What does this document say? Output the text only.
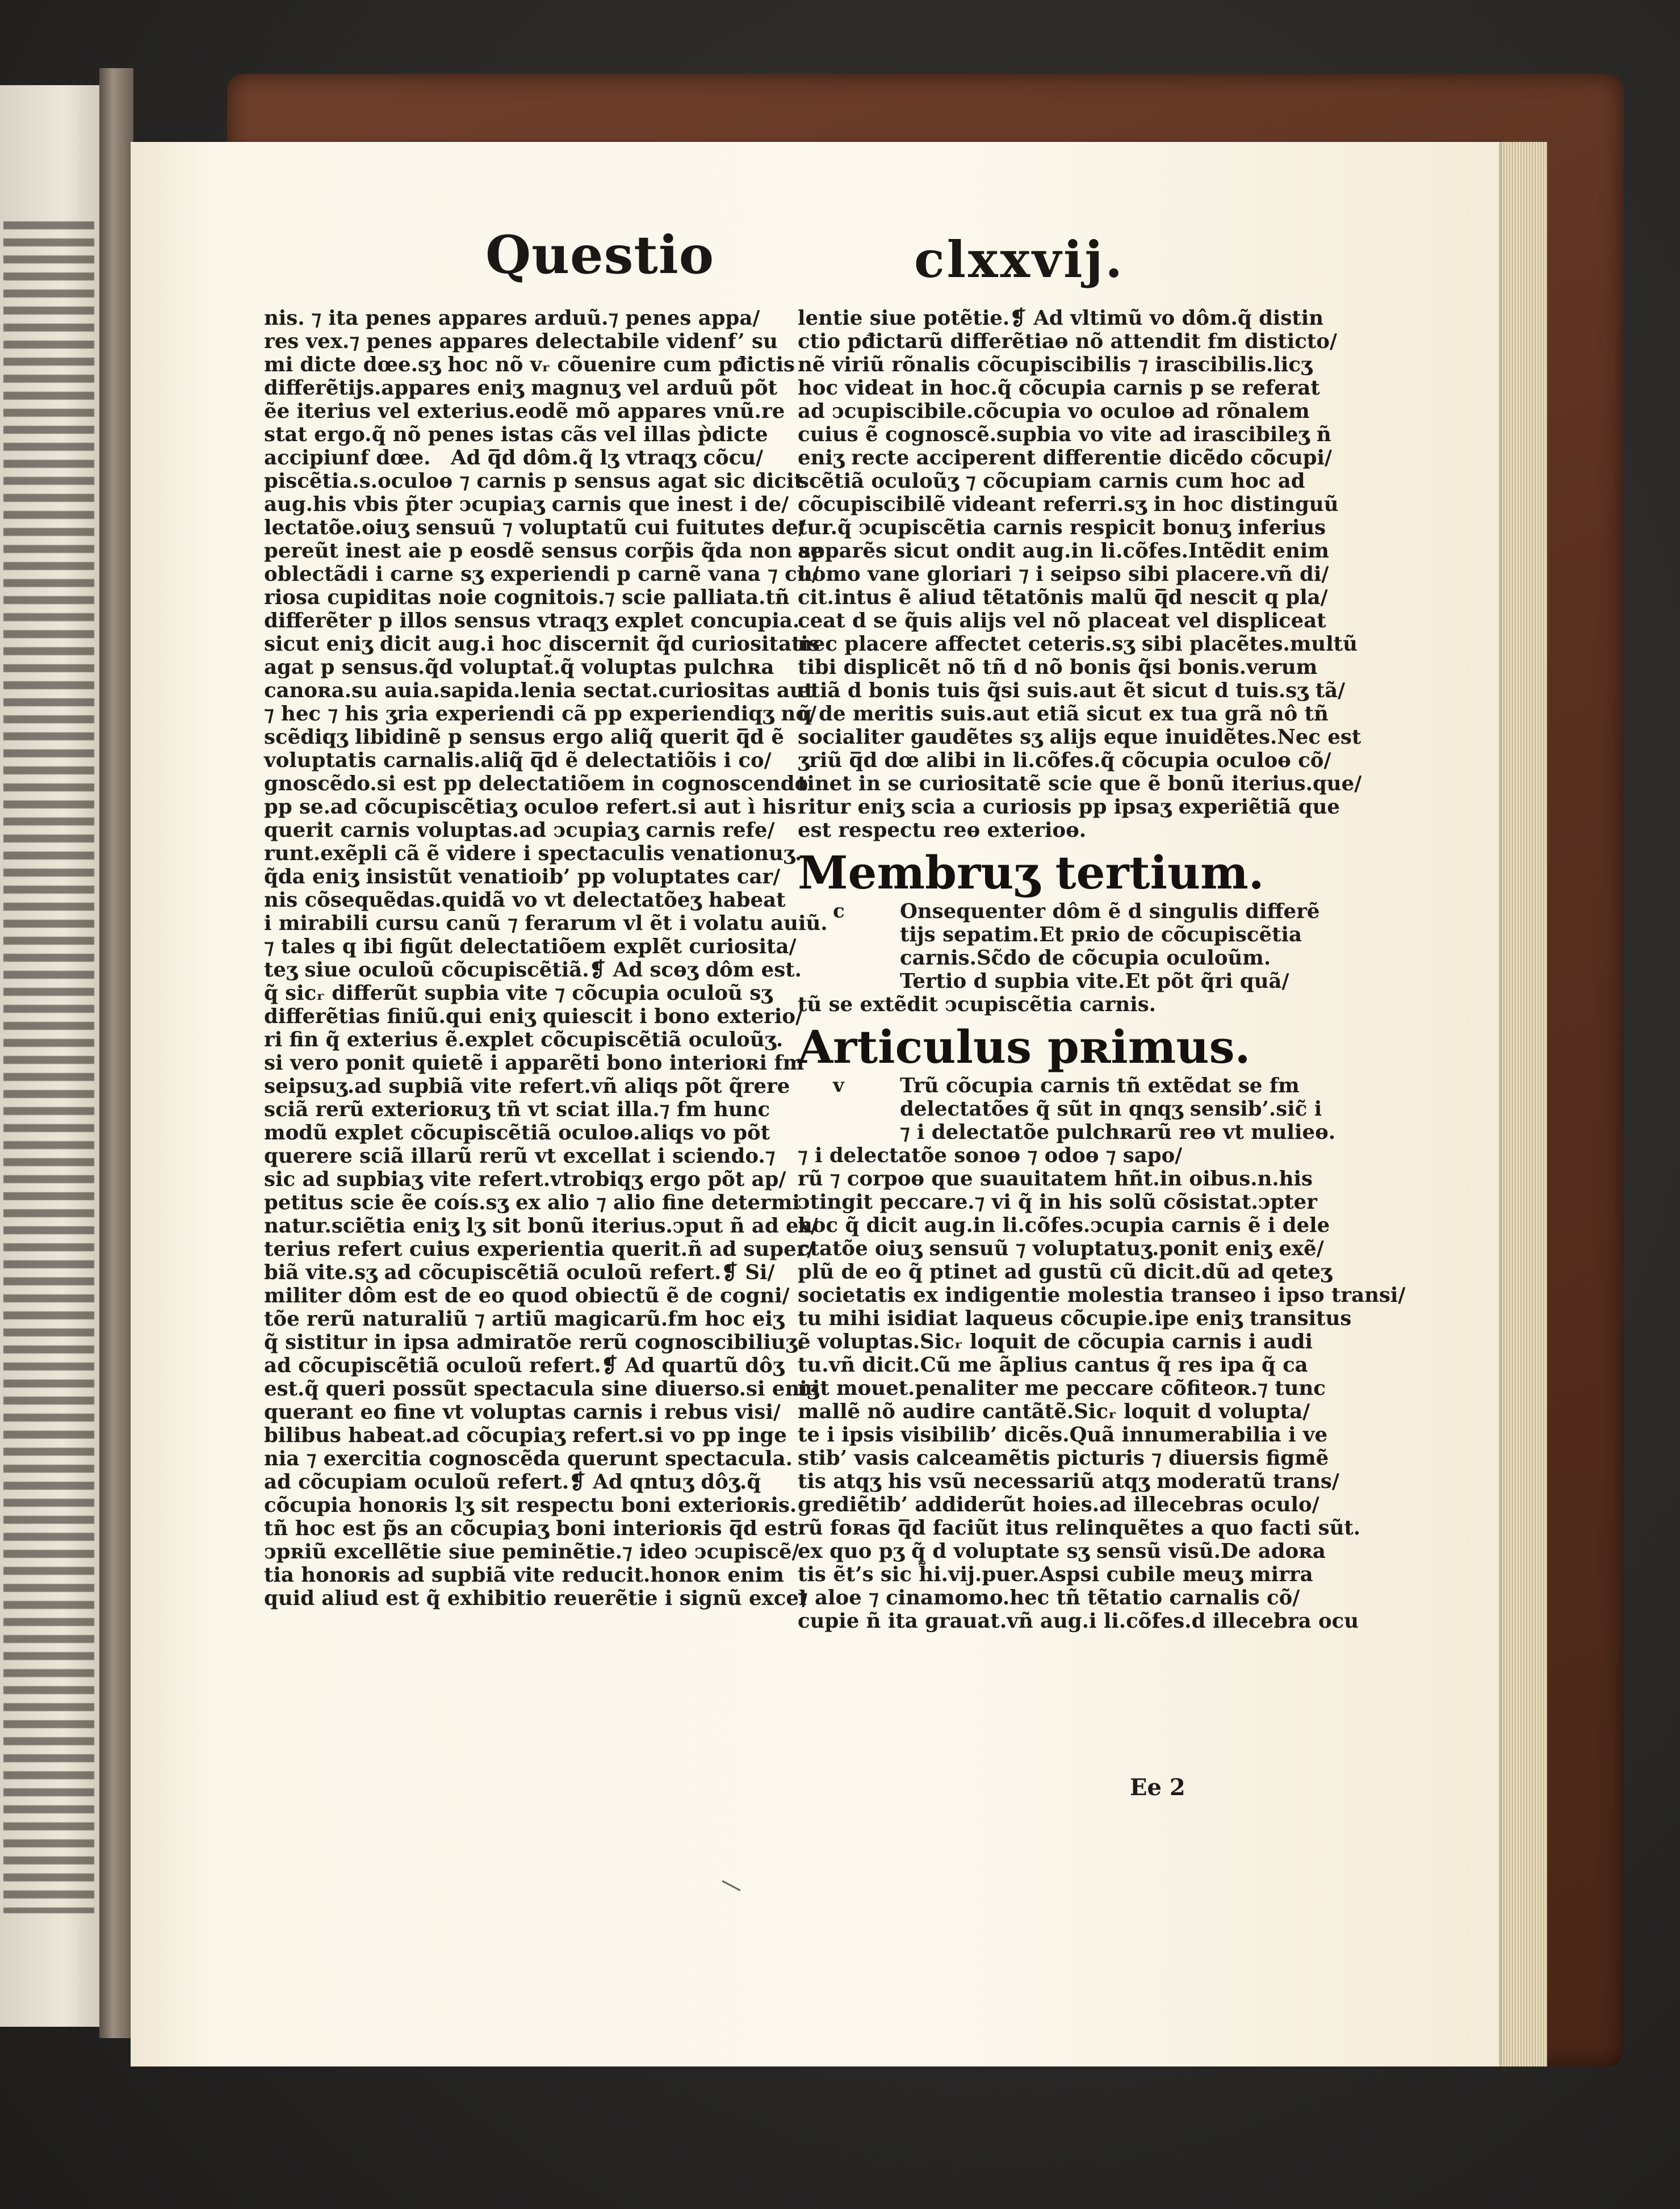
Questio	clxxvij.
nis. ⁊ ita penes appares arduũ.⁊ penes appa/
res vex.⁊ penes appares delectabile videnf’ su
mi dicte dœe.sʒ hoc nõ vᵣ cõuenire cum pđictis
differẽtijs.appares eniʒ magnuʒ vel arduũ põt
ẽe iterius vel exterius.eodẽ mõ appares vnũ.re
stat ergo.q̃ nõ penes istas cãs vel illas p̀dicte
accipiunf dœe. Ad q̅d dôm.q̃ lʒ vtraqʒ cõcu/
piscẽtia.s.oculoɵ ⁊ carnis p sensus agat sic dicit
aug.his vbis p̃ter ↄcupiaʒ carnis que inest i de/
lectatõe.oiuʒ sensuũ ⁊ voluptatũ cui fuitutes de/
pereũt inest aie p eosdẽ sensus corp̃is q̃da non se
oblectãdi i carne sʒ experiendi p carnẽ vana ⁊ cu/
riosa cupiditas noie cognitois.⁊ scie palliata.tñ
differẽter p illos sensus vtraqʒ explet concupia.
sicut eniʒ dicit aug.i hoc discernit q̃d curiositatis
agat p sensus.q̃d voluptat̃.q̃ voluptas pulchʀa
canoʀa.su auia.sapida.lenia sectat.curiositas aut
⁊ hec ⁊ his ʒria experiendi cã pp experiendiqʒ no/
scẽdiqʒ libidinẽ p sensus ergo aliq̃ querit q̅d ẽ
voluptatis carnalis.aliq̃ q̅d ẽ delectatiõis i co/
gnoscẽdo.si est pp delectatiõem in cognoscendo
pp se.ad cõcupiscẽtiaʒ oculoɵ refert.si aut ì his
querit carnis voluptas.ad ↄcupiaʒ carnis refe/
runt.exẽpli cã ẽ videre i spectaculis venationuʒ.
q̃da eniʒ insistũt venatioib’ pp voluptates car/
nis cõsequẽdas.quidã vo vt delectatõeʒ habeat
i mirabili cursu canũ ⁊ ferarum vl ẽt i volatu auiũ.
⁊ tales q ibi figũt delectatiõem explẽt curiosita/
teʒ siue oculoũ cõcupiscẽtiã.❡ Ad scɵʒ dôm est.
q̃ sicᵣ differũt supbia vite ⁊ cõcupia oculoũ sʒ
differẽtias finiũ.qui eniʒ quiescit i bono exterio/
ri fin q̃ exterius ẽ.explet cõcupiscẽtiã oculoũʒ.
si vero ponit quietẽ i apparẽti bono interioʀi fm
seipsuʒ.ad supbiã vite refert.vñ aliqs põt q̃rere
sciã rerũ exterioʀuʒ tñ vt sciat illa.⁊ fm hunc
modũ explet cõcupiscẽtiã oculoɵ.aliqs vo põt
querere sciã illarũ rerũ vt excellat i sciendo.⁊
sic ad supbiaʒ vite refert.vtrobiqʒ ergo põt ap/
petitus scie ẽe coís.sʒ ex alio ⁊ alio fine determi
natur.sciẽtia eniʒ lʒ sit bonũ iterius.ↄput ñ ad ex/
terius refert cuius experientia querit.ñ ad super/
biã vite.sʒ ad cõcupiscẽtiã oculoũ refert.❡ Si/
militer dôm est de eo quod obiectũ ẽ de cogni/
tõe rerũ naturaliũ ⁊ artiũ magicarũ.fm hoc eiʒ
q̃ sistitur in ipsa admiratõe rerũ cognoscibiliuʒ.
ad cõcupiscẽtiã oculoũ refert.❡ Ad quartũ dôʒ
est.q̃ queri possũt spectacula sine diuerso.si eniʒ
querant eo fine vt voluptas carnis i rebus visi/
bilibus habeat.ad cõcupiaʒ refert.si vo pp inge
nia ⁊ exercitia cognoscẽda querunt spectacula.
ad cõcupiam oculoũ refert.❡ Ad qntuʒ dôʒ.q̃
cõcupia honoʀis lʒ sit respectu boni exterioʀis.
tñ hoc est p̃s an cõcupiaʒ boni interioʀis q̅d est
ↄpʀiũ excellẽtie siue peminẽtie.⁊ ideo ↄcupiscẽ/
tia honoʀis ad supbiã vite reducit.honoʀ enim
quid aliud est q̃ exhibitio reuerẽtie i signũ excel
lentie siue potẽtie.❡ Ad vltimũ vo dôm.q̃ distin
ctio pđictarũ differẽtiaɵ nõ attendit fm disticto/
nẽ viriũ rõnalis cõcupiscibilis ⁊ irascibilis.licʒ
hoc videat in hoc.q̃ cõcupia carnis p se referat
ad ↄcupiscibile.cõcupia vo oculoɵ ad rõnalem
cuius ẽ cognoscẽ.supbia vo vite ad irascibileʒ ñ
eniʒ recte acciperent differentie dicẽdo cõcupi/
scẽtiã oculoũʒ ⁊ cõcupiam carnis cum hoc ad
cõcupiscibilẽ videant referri.sʒ in hoc distinguũ
tur.q̃ ↄcupiscẽtia carnis respicit bonuʒ inferius
apparẽs sicut ondit aug.in li.cõfes.Intẽdit enim
homo vane gloriari ⁊ i seipso sibi placere.vñ di/
cit.intus ẽ aliud tẽtatõnis malũ q̅d nescit q pla/
ceat d se q̃uis alijs vel nõ placeat vel displiceat
nec placere affectet ceteris.sʒ sibi placẽtes.multũ
tibi displicẽt nõ tñ d nõ bonis q̃si bonis.verum
etiã d bonis tuis q̃si suis.aut ẽt sicut d tuis.sʒ tã/
q̃ de meritis suis.aut etiã sicut ex tua grã nô tñ
socialiter gaudẽtes sʒ alijs eque inuidẽtes.Nec est
ʒriũ q̅d dœ alibi in li.cõfes.q̃ cõcupia oculoɵ cõ/
tinet in se curiositatẽ scie que ẽ bonũ iterius.que/
ritur eniʒ scia a curiosis pp ipsaʒ experiẽtiã que
est respectu reɵ exterioɵ.
Membruʒ tertium.
c	Onsequenter dôm ẽ d singulis differẽ
tijs sepatim.Et pʀio de cõcupiscẽtia
carnis.Sc̃do de cõcupia oculoũm.
Tertio d supbia vite.Et põt q̃ri quã/
tũ se extẽdit ↄcupiscẽtia carnis.
Articulus pʀimus.
v	Trũ cõcupia carnis tñ extẽdat se fm
delectatões q̃ sũt in qnqʒ sensib’.sic̃ i
⁊ i delectatõe pulchʀarũ reɵ vt mulieɵ.
⁊ i delectatõe sonoɵ ⁊ odoɵ ⁊ sapo/
rũ ⁊ corpoɵ que suauitatem hñt.in oibus.n.his
ↄtingit peccare.⁊ vi q̃ in his solũ cõsistat.ↄpter
hoc q̃ dicit aug.in li.cõfes.ↄcupia carnis ẽ i dele
ctatõe oiuʒ sensuũ ⁊ voluptatuʒ.ponit eniʒ exẽ/
plũ de eo q̃ ptinet ad gustũ cũ dicit.dũ ad qeteʒ
societatis ex indigentie molestia transeo i ipso transi/
tu mihi isidiat laqueus cõcupie.ipe eniʒ transitus
ẽ voluptas.Sicᵣ loquit de cõcupia carnis i audi
tu.vñ dicit.Cũ me ãplius cantus q̃ res ipa q̃ ca
nit mouet.penaliter me peccare cõfiteoʀ.⁊ tunc
mallẽ nõ audire cantãtẽ.Sicᵣ loquit d volupta/
te i ipsis visibilib’ dicẽs.Quã innumerabilia i ve
stib’ vasis calceamẽtis picturis ⁊ diuersis figmẽ
tis atqʒ his vsũ necessariũ atqʒ moderatũ trans/
grediẽtib’ addiderũt hoies.ad illecebras oculo/
rũ foʀas q̅d faciũt itus relinquẽtes a quo facti sũt.
ex quo pʒ q̃ d voluptate sʒ sensũ visũ.De adoʀa
tis ẽt’s sic h̃i.vij.puer.Aspsi cubile meuʒ mirra
⁊ aloe ⁊ cinamomo.hec tñ tẽtatio carnalis cõ/
cupie ñ ita grauat.vñ aug.i li.cõfes.d illecebra ocu
Ee 2
